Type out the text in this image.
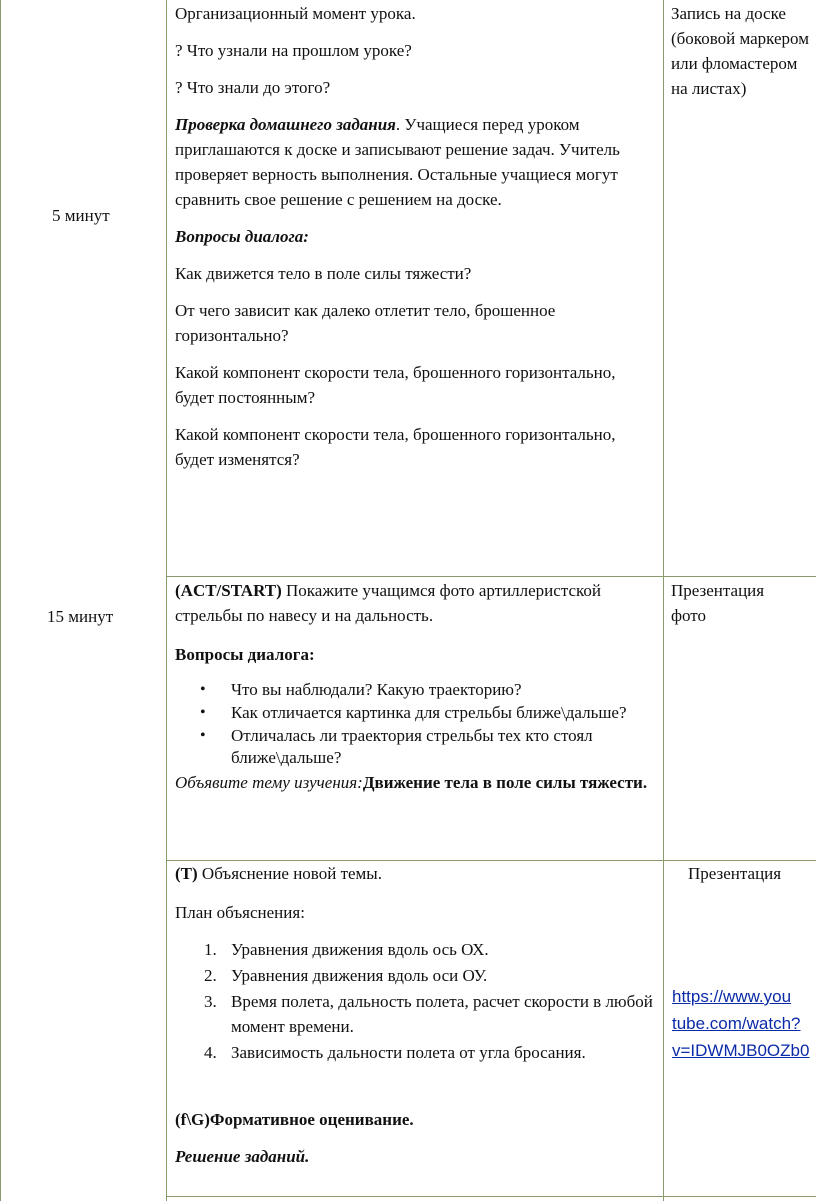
5 минут
15 минут

Организационный момент урока.

? Что узнали на прошлом уроке?

? Что знали до этого?

Проверка домашнего задания. Учащиеся перед уроком приглашаются к доске и записывают решение задач. Учитель проверяет верность выполнения. Остальные учащиеся могут сравнить свое решение с решением на доске.

Вопросы диалога:

Как движется тело в поле силы тяжести?

От чего зависит как далеко отлетит тело, брошенное горизонтально?

Какой компонент скорости тела, брошенного горизонтально, будет постоянным?

Какой компонент скорости тела, брошенного горизонтально, будет изменятся?

Запись на доске (боковой маркером или фломастером на листах)

(ACT/START) Покажите учащимся фото артиллеристской стрельбы по навесу и на дальность.

Вопросы диалога:

• Что вы наблюдали? Какую траекторию?
• Как отличается картинка для стрельбы ближе\дальше?
• Отличалась ли траектория стрельбы тех кто стоял ближе\дальше?

Объявите тему изучения:Движение тела в поле силы тяжести.

Презентация фото

(Т) Объяснение новой темы.

План объяснения:

1. Уравнения движения вдоль ось ОХ.
2. Уравнения движения вдоль оси ОУ.
3. Время полета, дальность полета, расчет скорости в любой момент времени.
4. Зависимость дальности полета от угла бросания.

(f\G)Формативное оценивание.

Решение заданий.

Презентация
https://www.you
tube.com/watch?
v=IDWMJB0OZb0
